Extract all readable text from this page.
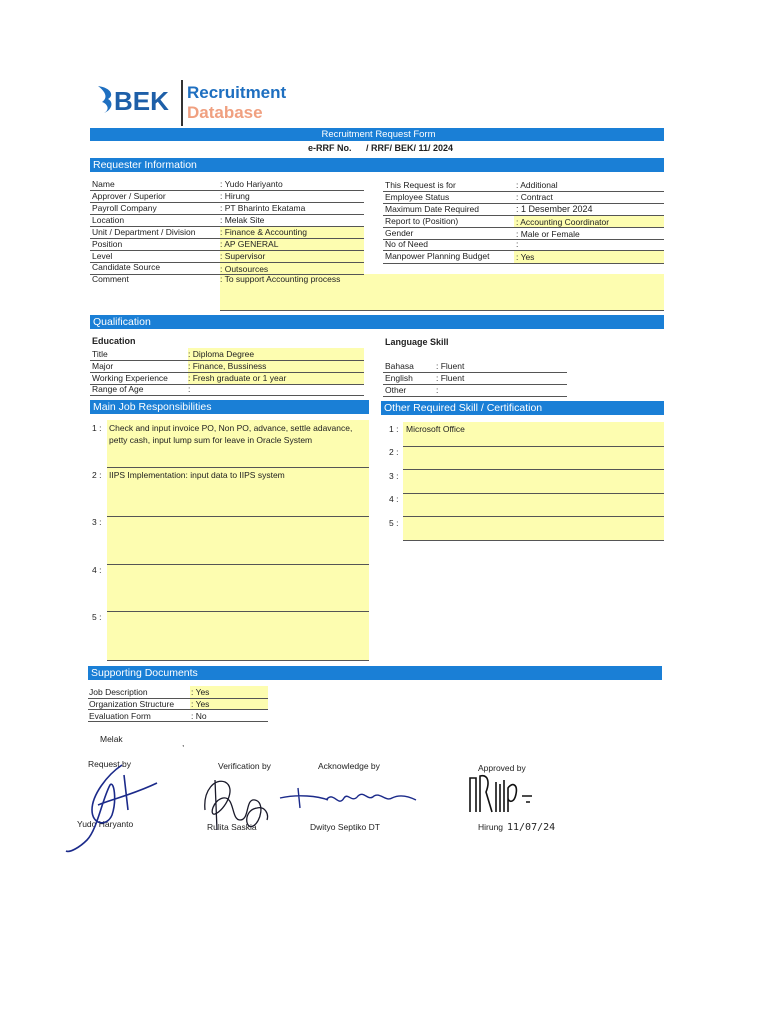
BEK Recruitment
Database
Recruitment Request Form
e-RRF No. / RRF/ BEK/ 11/ 2024
Requester Information
Name	: Yudo Hariyanto
Approver / Superior	: Hirung
Payroll Company	: PT Bharinto Ekatama
Location	: Melak Site
Unit / Department / Division	: Finance & Accounting
Position	: AP GENERAL
Level	: Supervisor
Candidate Source	: Outsources
Comment	: To support Accounting process
This Request is for	: Additional
Employee Status	: Contract
Maximum Date Required	: 1 Desember 2024
Report to (Position)	: Accounting Coordinator
Gender	: Male or Female
No of Need	:
Manpower Planning Budget	: Yes
Qualification
Education	Language Skill
Title	: Diploma Degree
Major	: Finance, Bussiness
Working Experience : Fresh graduate or 1 year
Range of Age	:
Bahasa	: Fluent
English	: Fluent
Other	:
Main Job Responsibilities
1 : Check and input invoice PO, Non PO, advance, settle adavance,
petty cash, input lump sum for leave in Oracle System
2 : IIPS Implementation: input data to IIPS system
3 :
4 :
5 :
Other Required Skill / Certification
1 : Microsoft Office
2 :
3 :
4 :
5 :
Supporting Documents
Job Description	: Yes
Organization Structure : Yes
Evaluation Form	: No
Melak	,
Request by	Verification by	Acknowledge by	Approved by
Yudo Haryanto	Rulita Saskia	Dwityo Septiko DT	Hirung 11/07/24
